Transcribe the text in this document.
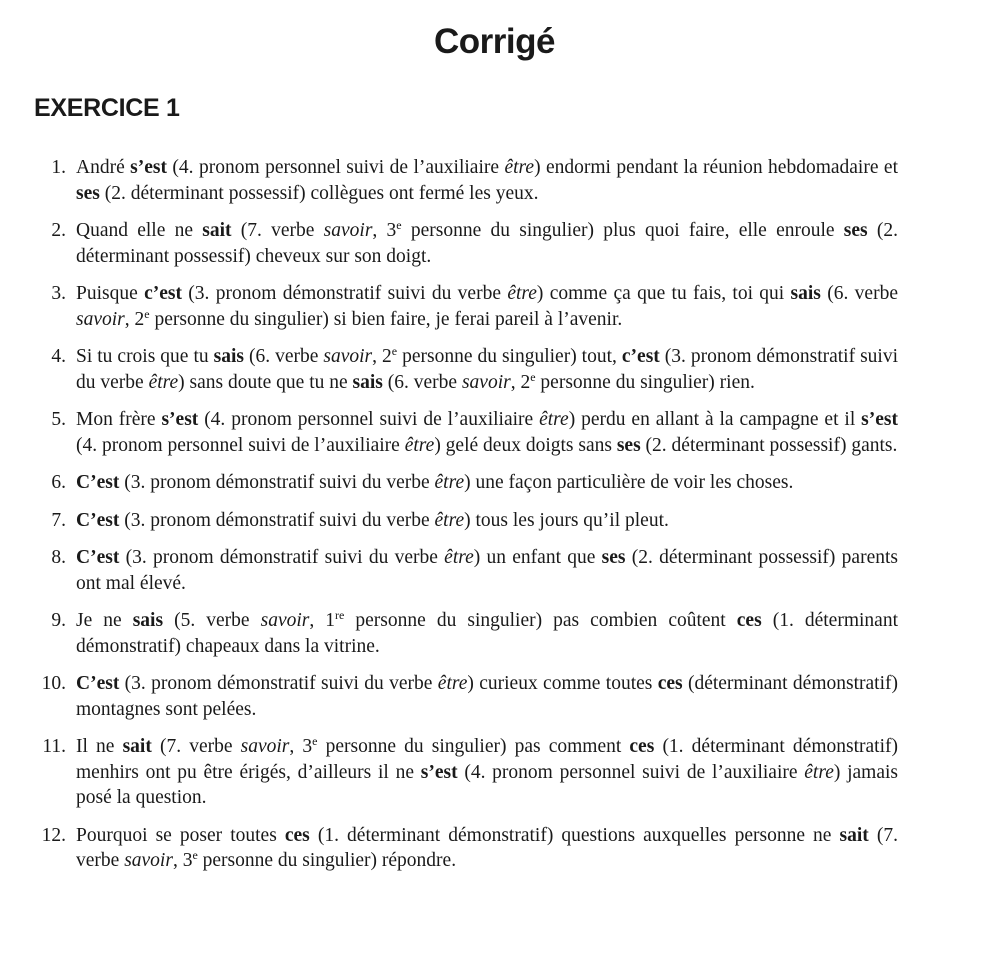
Corrigé
EXERCICE 1
1. André s’est (4. pronom personnel suivi de l’auxiliaire être) endormi pendant la réunion hebdomadaire et ses (2. déterminant possessif) collègues ont fermé les yeux.
2. Quand elle ne sait (7. verbe savoir, 3e personne du singulier) plus quoi faire, elle enroule ses (2. déterminant possessif) cheveux sur son doigt.
3. Puisque c’est (3. pronom démonstratif suivi du verbe être) comme ça que tu fais, toi qui sais (6. verbe savoir, 2e personne du singulier) si bien faire, je ferai pareil à l’avenir.
4. Si tu crois que tu sais (6. verbe savoir, 2e personne du singulier) tout, c’est (3. pronom démonstratif suivi du verbe être) sans doute que tu ne sais (6. verbe savoir, 2e personne du singulier) rien.
5. Mon frère s’est (4. pronom personnel suivi de l’auxiliaire être) perdu en allant à la campagne et il s’est (4. pronom personnel suivi de l’auxiliaire être) gelé deux doigts sans ses (2. déterminant possessif) gants.
6. C’est (3. pronom démonstratif suivi du verbe être) une façon particulière de voir les choses.
7. C’est (3. pronom démonstratif suivi du verbe être) tous les jours qu’il pleut.
8. C’est (3. pronom démonstratif suivi du verbe être) un enfant que ses (2. déterminant possessif) parents ont mal élevé.
9. Je ne sais (5. verbe savoir, 1re personne du singulier) pas combien coûtent ces (1. déterminant démonstratif) chapeaux dans la vitrine.
10. C’est (3. pronom démonstratif suivi du verbe être) curieux comme toutes ces (déterminant démonstratif) montagnes sont pelées.
11. Il ne sait (7. verbe savoir, 3e personne du singulier) pas comment ces (1. déterminant démonstratif) menhirs ont pu être érigés, d’ailleurs il ne s’est (4. pronom personnel suivi de l’auxiliaire être) jamais posé la question.
12. Pourquoi se poser toutes ces (1. déterminant démonstratif) questions auxquelles personne ne sait (7. verbe savoir, 3e personne du singulier) répondre.
